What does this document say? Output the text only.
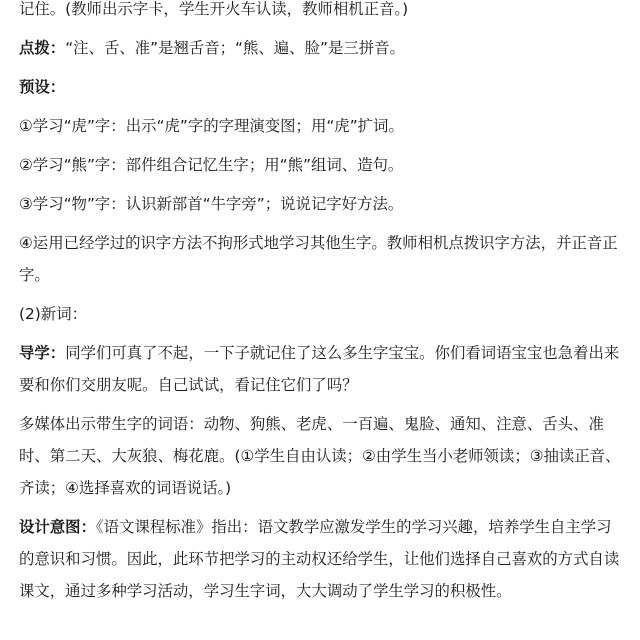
记住。(教师出示字卡，学生开火车认读，教师相机正音。)

点拨：“注、舌、准”是翘舌音；“熊、遍、脸”是三拼音。

预设：

①学习“虎”字：出示“虎”字的字理演变图；用“虎”扩词。

②学习“熊”字：部件组合记忆生字；用“熊”组词、造句。

③学习“物”字：认识新部首“牛字旁”；说说记字好方法。

④运用已经学过的识字方法不拘形式地学习其他生字。教师相机点拨识字方法，并正音正字。

(2)新词：

导学：同学们可真了不起，一下子就记住了这么多生字宝宝。你们看词语宝宝也急着出来要和你们交朋友呢。自己试试，看记住它们了吗？

多媒体出示带生字的词语：动物、狗熊、老虎、一百遍、鬼脸、通知、注意、舌头、准时、第二天、大灰狼、梅花鹿。(①学生自由认读；②由学生当小老师领读；③抽读正音、齐读；④选择喜欢的词语说话。)

设计意图：《语文课程标准》指出：语文教学应激发学生的学习兴趣，培养学生自主学习的意识和习惯。因此，此环节把学习的主动权还给学生，让他们选择自己喜欢的方式自读课文，通过多种学习活动，学习生字词，大大调动了学生学习的积极性。
